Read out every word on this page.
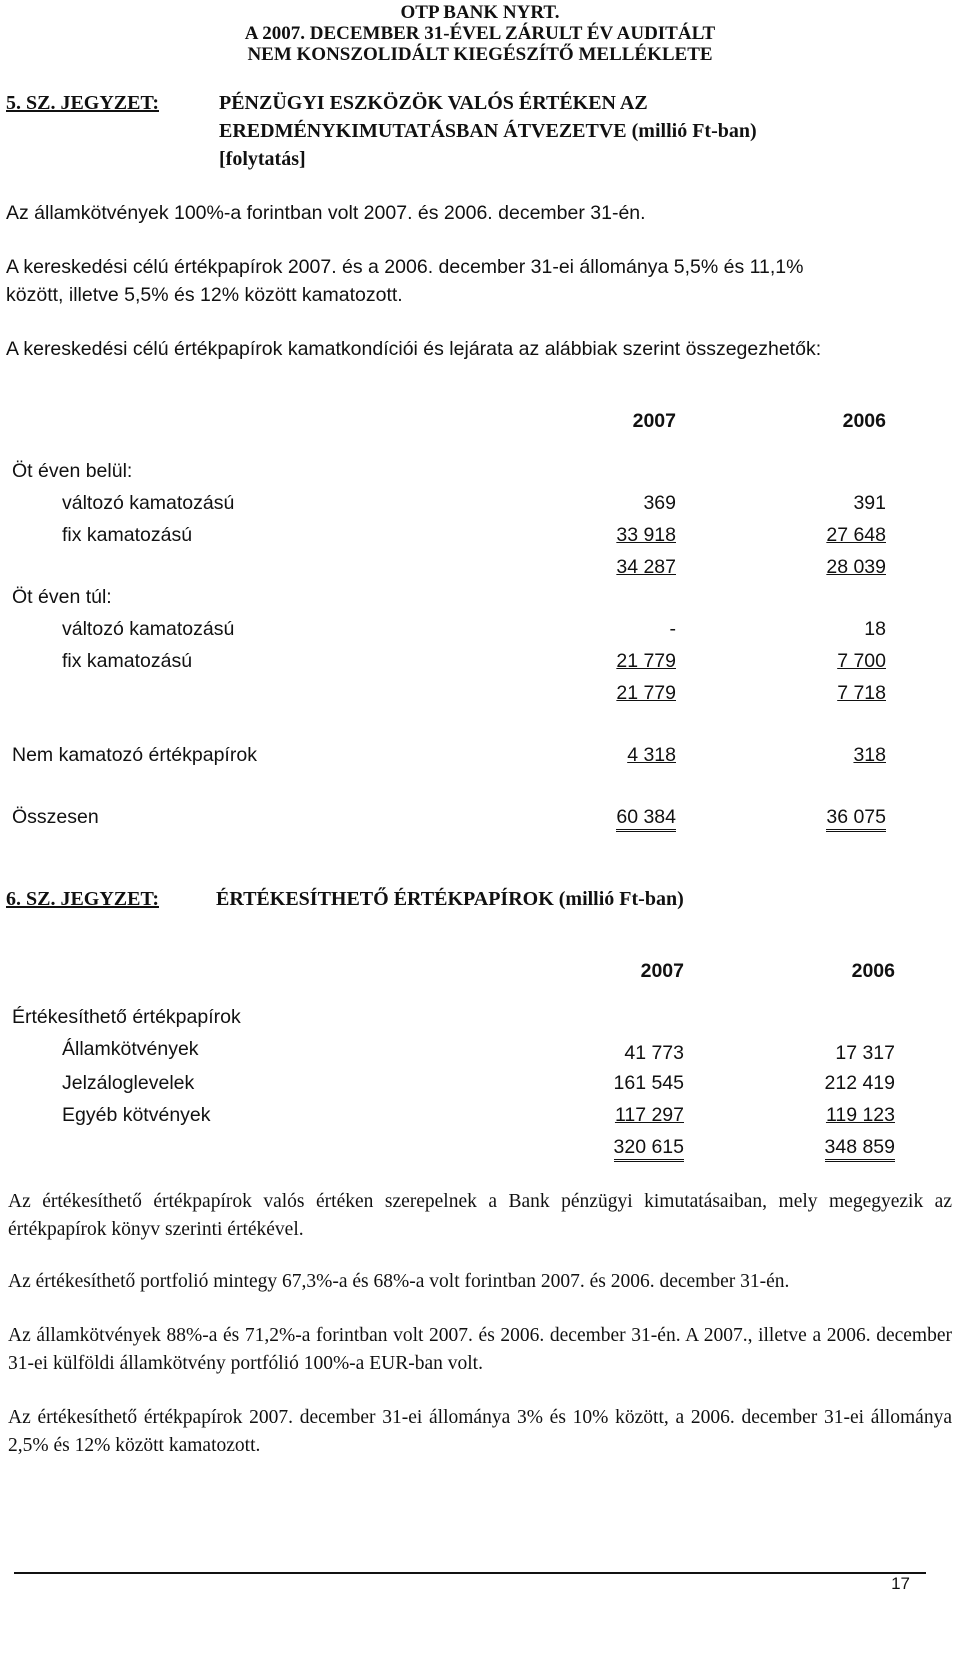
OTP BANK NYRT.
A 2007. DECEMBER 31-ÉVEL ZÁRULT ÉV AUDITÁLT
NEM KONSZOLIDÁLT KIEGÉSZÍTŐ MELLÉKLETE
5. SZ. JEGYZET:	PÉNZÜGYI ESZKÖZÖK VALÓS ÉRTÉKEN AZ
EREDMÉNYKIMUTATÁSBAN ÁTVEZETVE (millió Ft-ban)
[folytatás]
Az államkötvények 100%-a forintban volt 2007. és 2006. december 31-én.
A kereskedési célú értékpapírok 2007. és a 2006. december 31-ei állománya 5,5% és 11,1%
között, illetve 5,5% és 12% között kamatozott.
A kereskedési célú értékpapírok kamatkondíciói és lejárata az alábbiak szerint összegezhetők:
2007	2006
Öt éven belül:
változó kamatozású	369	391
fix kamatozású	33 918	27 648
34 287	28 039
Öt éven túl:
változó kamatozású	-	18
fix kamatozású	21 779	7 700
21 779	7 718
Nem kamatozó értékpapírok	4 318	318
Összesen	60 384	36 075
6. SZ. JEGYZET:	ÉRTÉKESÍTHETŐ ÉRTÉKPAPÍROK (millió Ft-ban)
2007	2006
Értékesíthető értékpapírok
Államkötvények	41 773	17 317
Jelzáloglevelek	161 545	212 419
Egyéb kötvények	117 297	119 123
320 615	348 859
Az értékesíthető értékpapírok valós értéken szerepelnek a Bank pénzügyi kimutatásaiban, mely megegyezik az értékpapírok könyv szerinti értékével.
Az értékesíthető portfolió mintegy 67,3%-a és 68%-a volt forintban 2007. és 2006. december 31-én.
Az államkötvények 88%-a és 71,2%-a forintban volt 2007. és 2006. december 31-én. A 2007., illetve a 2006. december 31-ei külföldi államkötvény portfólió 100%-a EUR-ban volt.
Az értékesíthető értékpapírok 2007. december 31-ei állománya 3% és 10% között, a 2006. december 31-ei állománya 2,5% és 12% között kamatozott.
17
